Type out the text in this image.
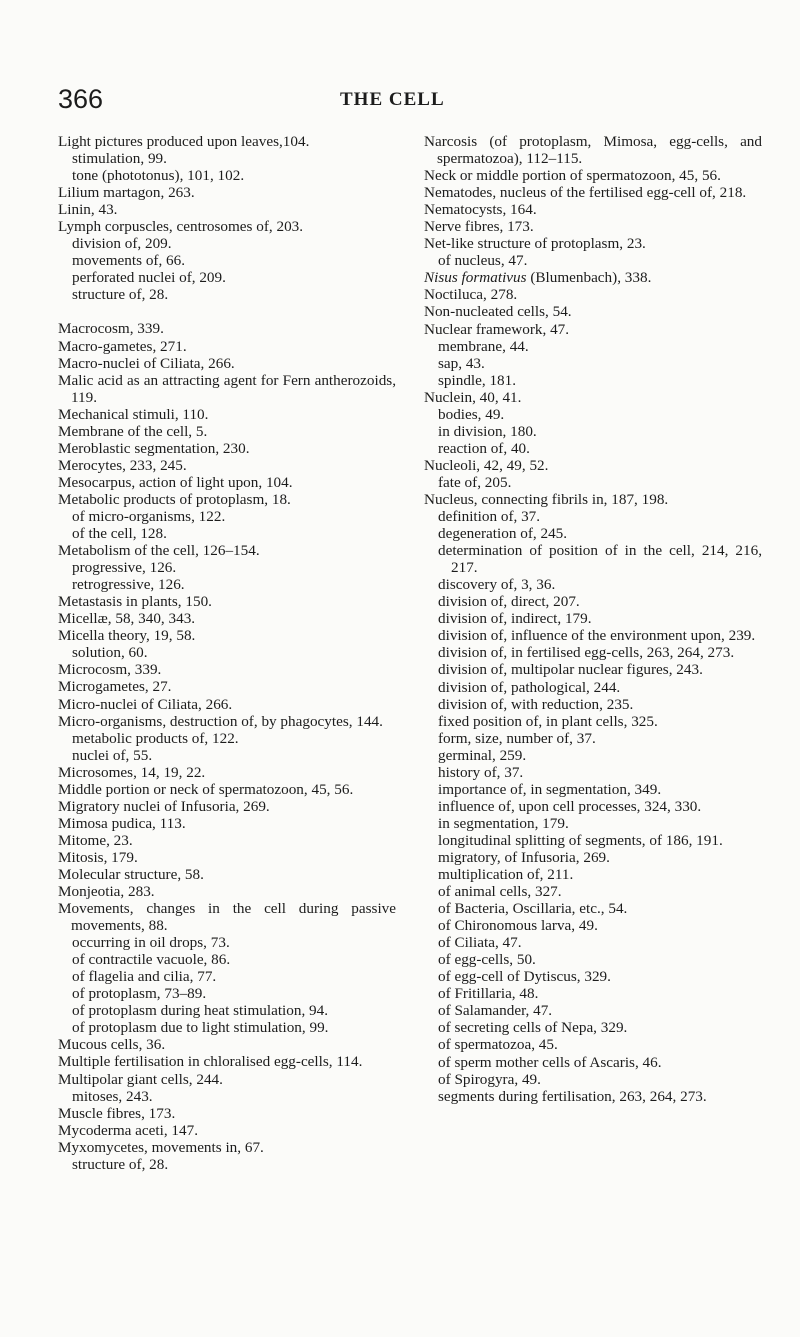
366	THE CELL
Light pictures produced upon leaves,104.
stimulation, 99.
tone (phototonus), 101, 102.
Lilium martagon, 263.
Linin, 43.
Lymph corpuscles, centrosomes of, 203.
division of, 209.
movements of, 66.
perforated nuclei of, 209.
structure of, 28.
Macrocosm, 339.
Macro-gametes, 271.
Macro-nuclei of Ciliata, 266.
Malic acid as an attracting agent for Fern antherozoids, 119.
Mechanical stimuli, 110.
Membrane of the cell, 5.
Meroblastic segmentation, 230.
Merocytes, 233, 245.
Mesocarpus, action of light upon, 104.
Metabolic products of protoplasm, 18.
of micro-organisms, 122.
of the cell, 128.
Metabolism of the cell, 126–154.
progressive, 126.
retrogressive, 126.
Metastasis in plants, 150.
Micellæ, 58, 340, 343.
Micella theory, 19, 58.
solution, 60.
Microcosm, 339.
Microgametes, 27.
Micro-nuclei of Ciliata, 266.
Micro-organisms, destruction of, by phagocytes, 144.
metabolic products of, 122.
nuclei of, 55.
Microsomes, 14, 19, 22.
Middle portion or neck of spermatozoon, 45, 56.
Migratory nuclei of Infusoria, 269.
Mimosa pudica, 113.
Mitome, 23.
Mitosis, 179.
Molecular structure, 58.
Monjeotia, 283.
Movements, changes in the cell during passive movements, 88.
occurring in oil drops, 73.
of contractile vacuole, 86.
of flagelia and cilia, 77.
of protoplasm, 73–89.
of protoplasm during heat stimulation, 94.
of protoplasm due to light stimulation, 99.
Mucous cells, 36.
Multiple fertilisation in chloralised egg-cells, 114.
Multipolar giant cells, 244.
mitoses, 243.
Muscle fibres, 173.
Mycoderma aceti, 147.
Myxomycetes, movements in, 67.
structure of, 28.
Narcosis (of protoplasm, Mimosa, egg-cells, and spermatozoa), 112–115.
Neck or middle portion of spermatozoon, 45, 56.
Nematodes, nucleus of the fertilised egg-cell of, 218.
Nematocysts, 164.
Nerve fibres, 173.
Net-like structure of protoplasm, 23.
of nucleus, 47.
Nisus formativus (Blumenbach), 338.
Noctiluca, 278.
Non-nucleated cells, 54.
Nuclear framework, 47.
membrane, 44.
sap, 43.
spindle, 181.
Nuclein, 40, 41.
bodies, 49.
in division, 180.
reaction of, 40.
Nucleoli, 42, 49, 52.
fate of, 205.
Nucleus, connecting fibrils in, 187, 198.
definition of, 37.
degeneration of, 245.
determination of position of in the cell, 214, 216, 217.
discovery of, 3, 36.
division of, direct, 207.
division of, indirect, 179.
division of, influence of the environment upon, 239.
division of, in fertilised egg-cells, 263, 264, 273.
division of, multipolar nuclear figures, 243.
division of, pathological, 244.
division of, with reduction, 235.
fixed position of, in plant cells, 325.
form, size, number of, 37.
germinal, 259.
history of, 37.
importance of, in segmentation, 349.
influence of, upon cell processes, 324, 330.
in segmentation, 179.
longitudinal splitting of segments, of 186, 191.
migratory, of Infusoria, 269.
multiplication of, 211.
of animal cells, 327.
of Bacteria, Oscillaria, etc., 54.
of Chironomous larva, 49.
of Ciliata, 47.
of egg-cells, 50.
of egg-cell of Dytiscus, 329.
of Fritillaria, 48.
of Salamander, 47.
of secreting cells of Nepa, 329.
of spermatozoa, 45.
of sperm mother cells of Ascaris, 46.
of Spirogyra, 49.
segments during fertilisation, 263, 264, 273.
